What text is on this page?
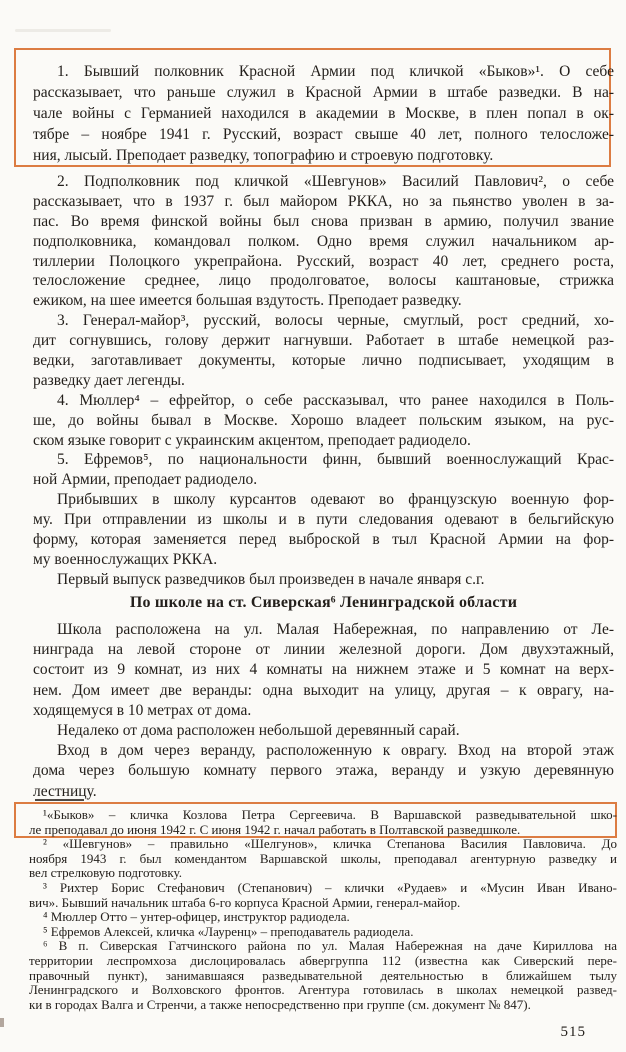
1. Бывший полковник Красной Армии под кличкой «Быков»¹. О себе
рассказывает, что раньше служил в Красной Армии в штабе разведки. В на-
чале войны с Германией находился в академии в Москве, в плен попал в ок-
тябре – ноябре 1941 г. Русский, возраст свыше 40 лет, полного телосложе-
ния, лысый. Преподает разведку, топографию и строевую подготовку.
2. Подполковник под кличкой «Шевгунов» Василий Павлович², о себе
рассказывает, что в 1937 г. был майором РККА, но за пьянство уволен в за-
пас. Во время финской войны был снова призван в армию, получил звание
подполковника, командовал полком. Одно время служил начальником ар-
тиллерии Полоцкого укрепрайона. Русский, возраст 40 лет, среднего роста,
телосложение среднее, лицо продолговатое, волосы каштановые, стрижка
ежиком, на шее имеется большая вздутость. Преподает разведку.
3. Генерал-майор³, русский, волосы черные, смуглый, рост средний, хо-
дит согнувшись, голову держит нагнувши. Работает в штабе немецкой раз-
ведки, заготавливает документы, которые лично подписывает, уходящим в
разведку дает легенды.
4. Мюллер⁴ – ефрейтор, о себе рассказывал, что ранее находился в Поль-
ше, до войны бывал в Москве. Хорошо владеет польским языком, на рус-
ском языке говорит с украинским акцентом, преподает радиодело.
5. Ефремов⁵, по национальности финн, бывший военнослужащий Крас-
ной Армии, преподает радиодело.
Прибывших в школу курсантов одевают во французскую военную фор-
му. При отправлении из школы и в пути следования одевают в бельгийскую
форму, которая заменяется перед выброской в тыл Красной Армии на фор-
му военнослужащих РККА.
Первый выпуск разведчиков был произведен в начале января с.г.
По школе на ст. Сиверская⁶ Ленинградской области
Школа расположена на ул. Малая Набережная, по направлению от Ле-
нинграда на левой стороне от линии железной дороги. Дом двухэтажный,
состоит из 9 комнат, из них 4 комнаты на нижнем этаже и 5 комнат на верх-
нем. Дом имеет две веранды: одна выходит на улицу, другая – к оврагу, на-
ходящемуся в 10 метрах от дома.
Недалеко от дома расположен небольшой деревянный сарай.
Вход в дом через веранду, расположенную к оврагу. Вход на второй этаж
дома через большую комнату первого этажа, веранду и узкую деревянную
лестницу.
¹«Быков» – кличка Козлова Петра Сергеевича. В Варшавской разведывательной шко-
ле преподавал до июня 1942 г. С июня 1942 г. начал работать в Полтавской разведшколе.
² «Шевгунов» – правильно «Шелгунов», кличка Степанова Василия Павловича. До
ноября 1943 г. был комендантом Варшавской школы, преподавал агентурную разведку и
вел стрелковую подготовку.
³ Рихтер Борис Стефанович (Степанович) – клички «Рудаев» и «Мусин Иван Ивано-
вич». Бывший начальник штаба 6-го корпуса Красной Армии, генерал-майор.
⁴ Мюллер Отто – унтер-офицер, инструктор радиодела.
⁵ Ефремов Алексей, кличка «Лауренц» – преподаватель радиодела.
⁶ В п. Сиверская Гатчинского района по ул. Малая Набережная на даче Кириллова на
территории леспромхоза дислоцировалась абвергруппа 112 (известна как Сиверский пере-
правочный пункт), занимавшаяся разведывательной деятельностью в ближайшем тылу
Ленинградского и Волховского фронтов. Агентура готовилась в школах немецкой развед-
ки в городах Валга и Стренчи, а также непосредственно при группе (см. документ № 847).
515
